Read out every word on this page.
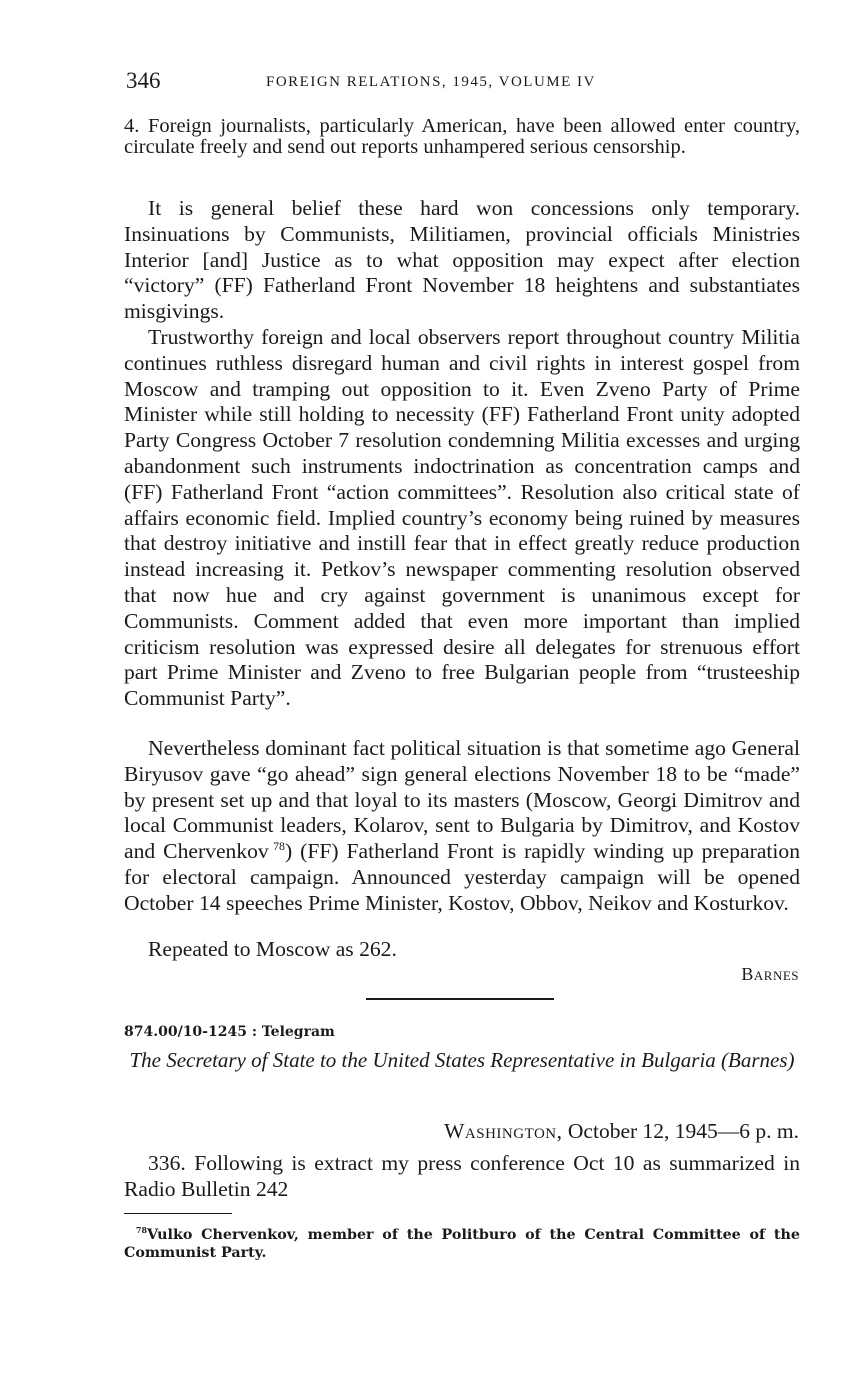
346	FOREIGN RELATIONS, 1945, VOLUME IV
4. Foreign journalists, particularly American, have been allowed enter country, circulate freely and send out reports unhampered serious censorship.
It is general belief these hard won concessions only temporary. Insinuations by Communists, Militiamen, provincial officials Ministries Interior [and] Justice as to what opposition may expect after election “victory” (FF) Fatherland Front November 18 heightens and substantiates misgivings.
Trustworthy foreign and local observers report throughout country Militia continues ruthless disregard human and civil rights in interest gospel from Moscow and tramping out opposition to it. Even Zveno Party of Prime Minister while still holding to necessity (FF) Fatherland Front unity adopted Party Congress October 7 resolution condemning Militia excesses and urging abandonment such instruments indoctrination as concentration camps and (FF) Fatherland Front “action committees”. Resolution also critical state of affairs economic field. Implied country’s economy being ruined by measures that destroy initiative and instill fear that in effect greatly reduce production instead increasing it. Petkov’s newspaper commenting resolution observed that now hue and cry against government is unanimous except for Communists. Comment added that even more important than implied criticism resolution was expressed desire all delegates for strenuous effort part Prime Minister and Zveno to free Bulgarian people from “trusteeship Communist Party”.
Nevertheless dominant fact political situation is that sometime ago General Biryusov gave “go ahead” sign general elections November 18 to be “made” by present set up and that loyal to its masters (Moscow, Georgi Dimitrov and local Communist leaders, Kolarov, sent to Bulgaria by Dimitrov, and Kostov and Chervenkov  $^{78}$) (FF) Fatherland Front is rapidly winding up preparation for electoral campaign. Announced yesterday campaign will be opened October 14 speeches Prime Minister, Kostov, Obbov, Neikov and Kosturkov.
Repeated to Moscow as 262.
Barnes
874.00/10-1245 : Telegram
The Secretary of State to the United States Representative in Bulgaria (Barnes)
Washington, October 12, 1945—6 p. m.
336. Following is extract my press conference Oct 10 as summarized in Radio Bulletin 242
$^{78}$Vulko Chervenkov, member of the Politburo of the Central Committee of the Communist Party.
